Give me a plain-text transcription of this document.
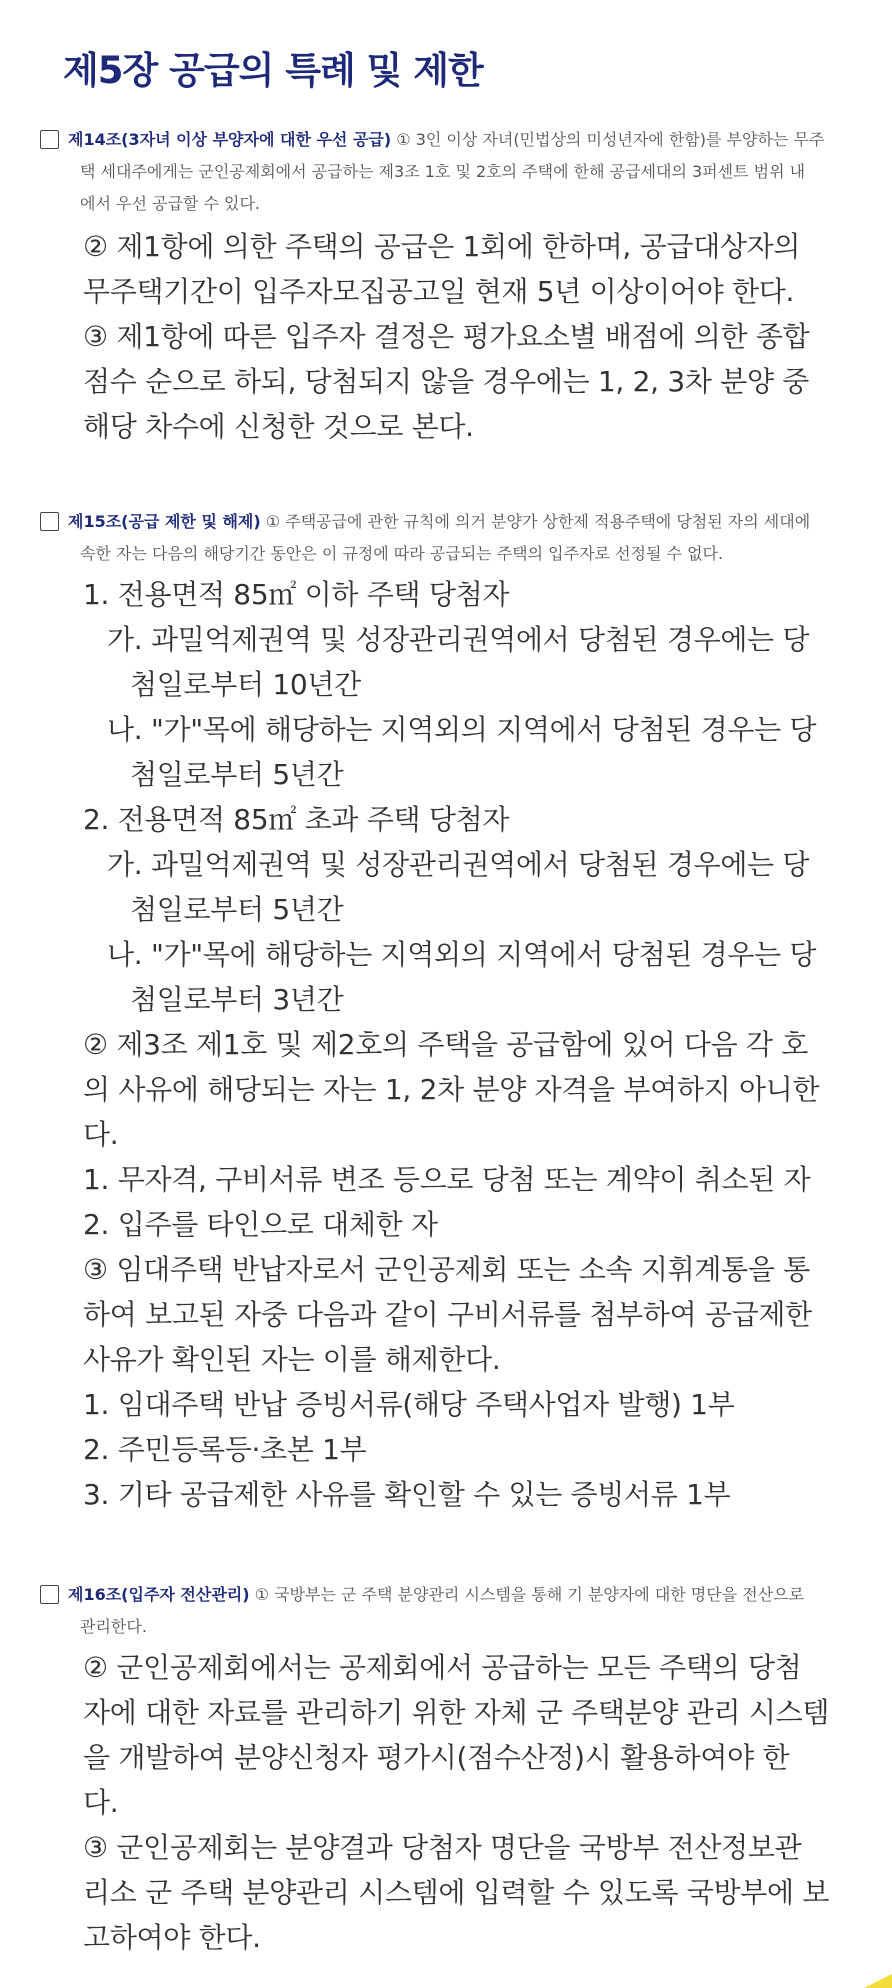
제5장 공급의 특례 및 제한
제14조(3자녀 이상 부양자에 대한 우선 공급) ① 3인 이상 자녀(민법상의 미성년자에 한함)를 부양하는 무주
택 세대주에게는 군인공제회에서 공급하는 제3조 1호 및 2호의 주택에 한해 공급세대의 3퍼센트 범위 내
에서 우선 공급할 수 있다.
② 제1항에 의한 주택의 공급은 1회에 한하며, 공급대상자의
무주택기간이 입주자모집공고일 현재 5년 이상이어야 한다.
③ 제1항에 따른 입주자 결정은 평가요소별 배점에 의한 종합
점수 순으로 하되, 당첨되지 않을 경우에는 1, 2, 3차 분양 중
해당 차수에 신청한 것으로 본다.
제15조(공급 제한 및 해제) ① 주택공급에 관한 규칙에 의거 분양가 상한제 적용주택에 당첨된 자의 세대에
속한 자는 다음의 해당기간 동안은 이 규정에 따라 공급되는 주택의 입주자로 선정될 수 없다.
1. 전용면적 85㎡ 이하 주택 당첨자
가. 과밀억제권역 및 성장관리권역에서 당첨된 경우에는 당
첨일로부터 10년간
나. "가"목에 해당하는 지역외의 지역에서 당첨된 경우는 당
첨일로부터 5년간
2. 전용면적 85㎡ 초과 주택 당첨자
가. 과밀억제권역 및 성장관리권역에서 당첨된 경우에는 당
첨일로부터 5년간
나. "가"목에 해당하는 지역외의 지역에서 당첨된 경우는 당
첨일로부터 3년간
② 제3조 제1호 및 제2호의 주택을 공급함에 있어 다음 각 호
의 사유에 해당되는 자는 1, 2차 분양 자격을 부여하지 아니한
다.
1. 무자격, 구비서류 변조 등으로 당첨 또는 계약이 취소된 자
2. 입주를 타인으로 대체한 자
③ 임대주택 반납자로서 군인공제회 또는 소속 지휘계통을 통
하여 보고된 자중 다음과 같이 구비서류를 첨부하여 공급제한
사유가 확인된 자는 이를 해제한다.
1. 임대주택 반납 증빙서류(해당 주택사업자 발행) 1부
2. 주민등록등·초본 1부
3. 기타 공급제한 사유를 확인할 수 있는 증빙서류 1부
제16조(입주자 전산관리) ① 국방부는 군 주택 분양관리 시스템을 통해 기 분양자에 대한 명단을 전산으로
관리한다.
② 군인공제회에서는 공제회에서 공급하는 모든 주택의 당첨
자에 대한 자료를 관리하기 위한 자체 군 주택분양 관리 시스템
을 개발하여 분양신청자 평가시(점수산정)시 활용하여야 한
다.
③ 군인공제회는 분양결과 당첨자 명단을 국방부 전산정보관
리소 군 주택 분양관리 시스템에 입력할 수 있도록 국방부에 보
고하여야 한다.
